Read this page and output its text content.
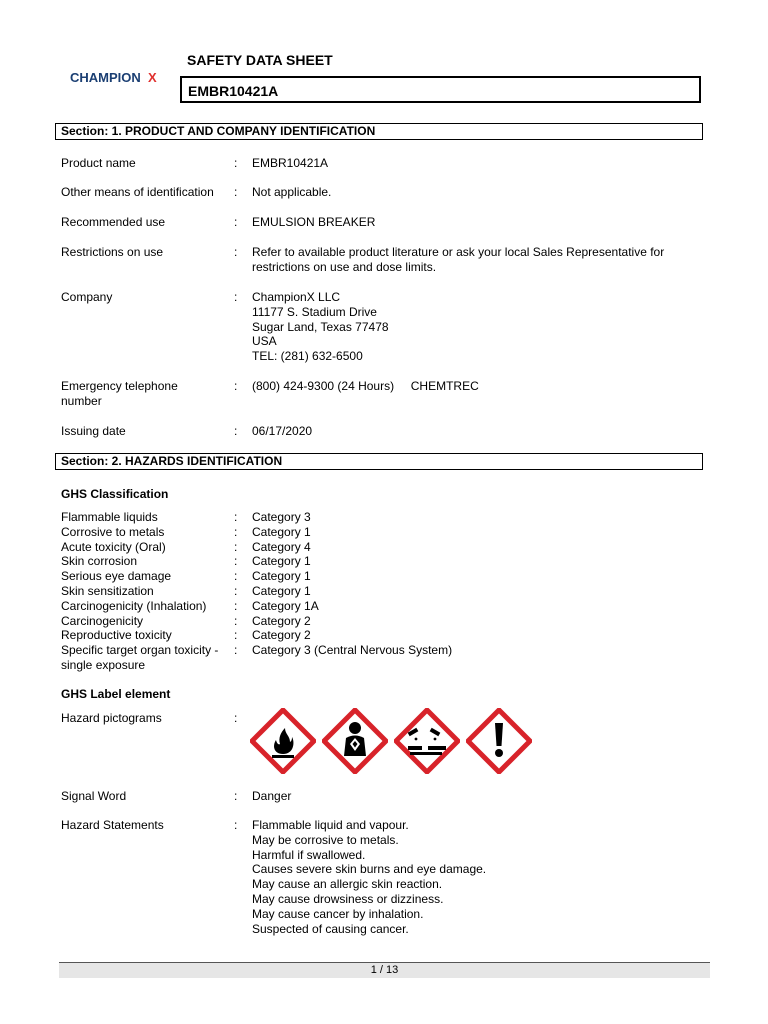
CHAMPION X
SAFETY DATA SHEET
EMBR10421A
Section: 1. PRODUCT AND COMPANY IDENTIFICATION
Product name	: EMBR10421A
Other means of identification	: Not applicable.
Recommended use	: EMULSION BREAKER
Restrictions on use	: Refer to available product literature or ask your local Sales Representative for restrictions on use and dose limits.
Company	: ChampionX LLC
11177 S. Stadium Drive
Sugar Land, Texas 77478
USA
TEL: (281) 632-6500
Emergency telephone number
: (800) 424-9300 (24 Hours)     CHEMTREC
Issuing date	: 06/17/2020
Section: 2. HAZARDS IDENTIFICATION
GHS Classification
Flammable liquids	: Category 3
Corrosive to metals	: Category 1
Acute toxicity (Oral)	: Category 4
Skin corrosion	: Category 1
Serious eye damage	: Category 1
Skin sensitization	: Category 1
Carcinogenicity (Inhalation)	: Category 1A
Carcinogenicity	: Category 2
Reproductive toxicity	: Category 2
Specific target organ toxicity - single exposure
: Category 3 (Central Nervous System)
GHS Label element
Hazard pictograms	:
Signal Word	: Danger
Hazard Statements	: Flammable liquid and vapour.
May be corrosive to metals.
Harmful if swallowed.
Causes severe skin burns and eye damage.
May cause an allergic skin reaction.
May cause drowsiness or dizziness.
May cause cancer by inhalation.
Suspected of causing cancer.
1 / 13
